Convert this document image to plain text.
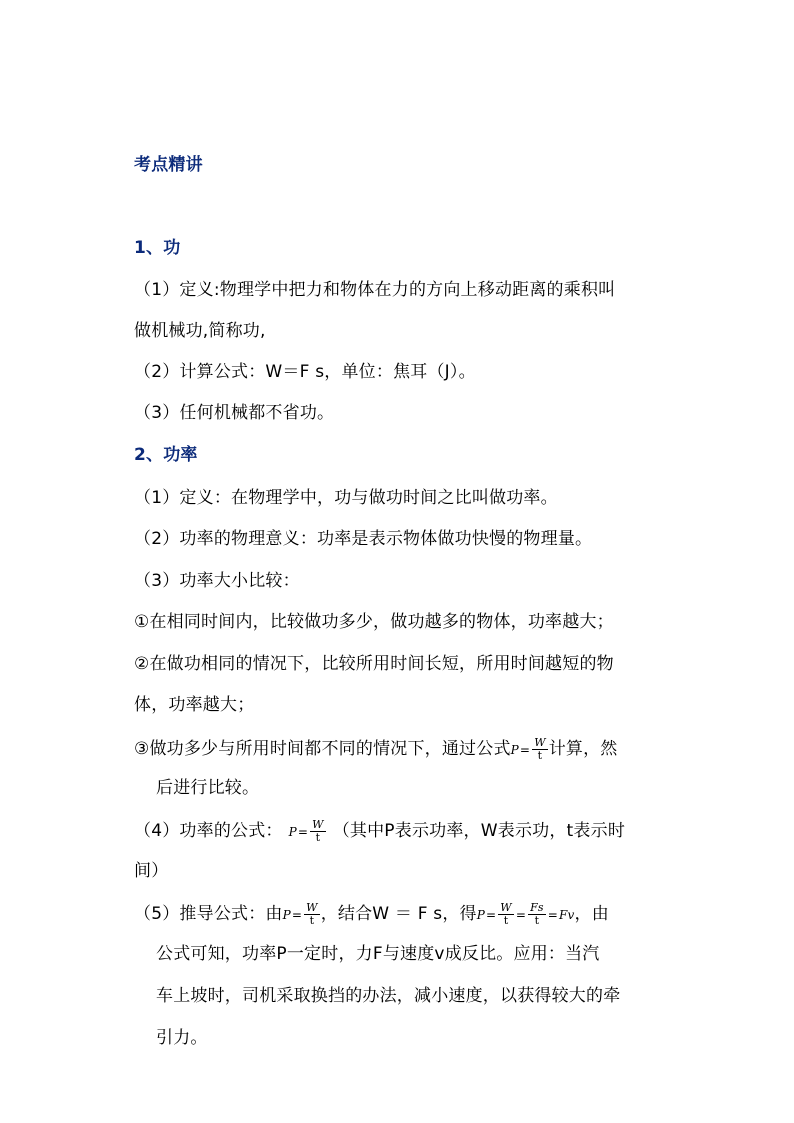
考点精讲
1、功
（1）定义:物理学中把力和物体在力的方向上移动距离的乘积叫
做机械功,简称功,
（2）计算公式：W＝F s，单位：焦耳（J）。
（3）任何机械都不省功。
2、功率
（1）定义：在物理学中，功与做功时间之比叫做功率。
（2）功率的物理意义：功率是表示物体做功快慢的物理量。
（3）功率大小比较：
①在相同时间内，比较做功多少，做功越多的物体，功率越大；
②在做功相同的情况下，比较所用时间长短，所用时间越短的物
体，功率越大；
③做功多少与所用时间都不同的情况下，通过公式$P= \frac{W}{t}$ 计算，然
后进行比较。
（4）功率的公式： $P= \frac{W}{t}$ （其中P表示功率，W表示功，t表示时
间）
（5）推导公式：由$P= \frac{W}{t}$ ，结合W ＝ F s，得$P= \frac{W}{t} = \frac{Fs}{t} =Fv$，由
公式可知，功率P一定时，力F与速度v成反比。应用：当汽
车上坡时，司机采取换挡的办法，减小速度，以获得较大的牵
引力。
